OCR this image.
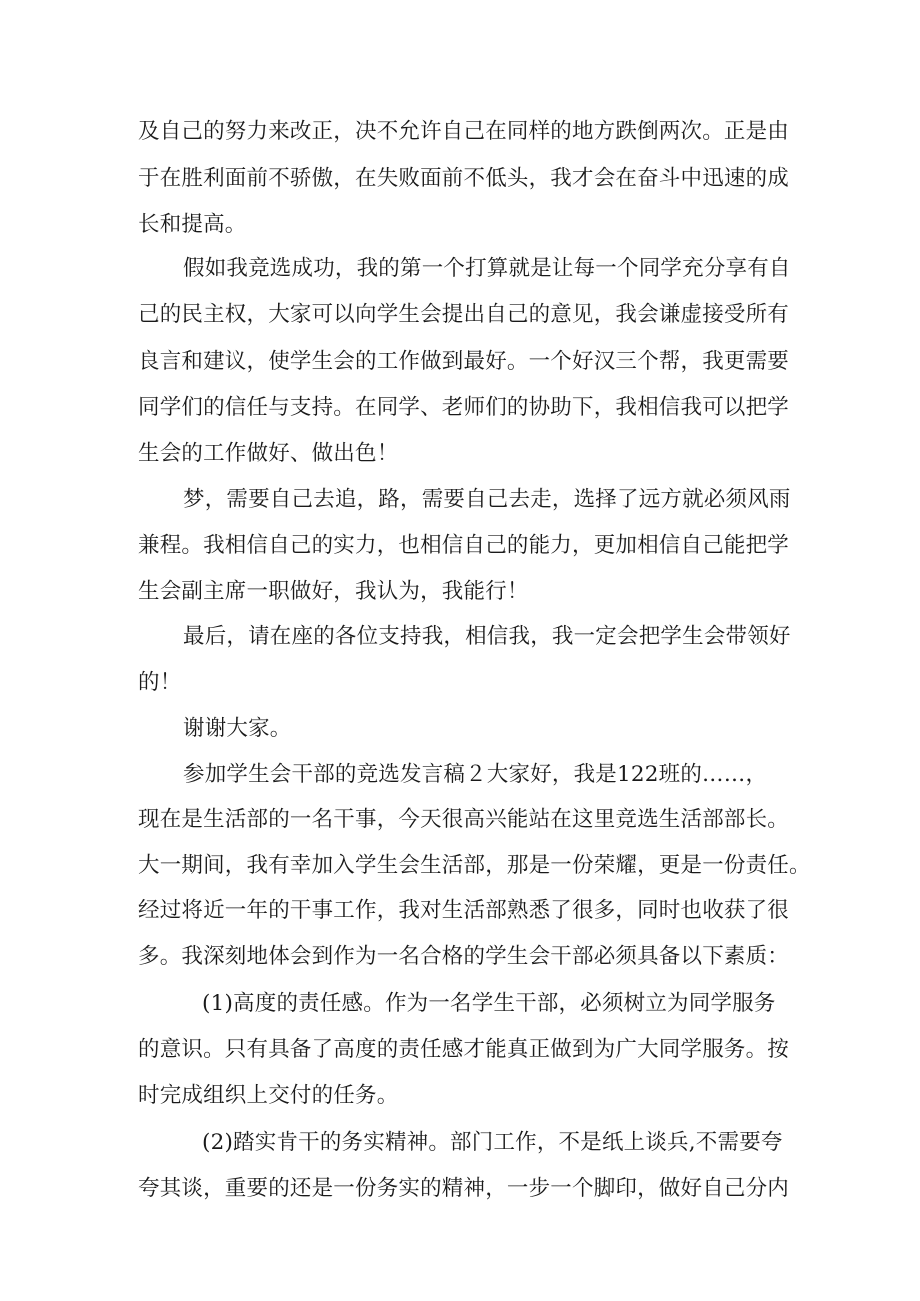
及自己的努力来改正，决不允许自己在同样的地方跌倒两次。正是由
于在胜利面前不骄傲，在失败面前不低头，我才会在奋斗中迅速的成
长和提高。
假如我竞选成功，我的第一个打算就是让每一个同学充分享有自
己的民主权，大家可以向学生会提出自己的意见，我会谦虚接受所有
良言和建议，使学生会的工作做到最好。一个好汉三个帮，我更需要
同学们的信任与支持。在同学、老师们的协助下，我相信我可以把学
生会的工作做好、做出色！
梦，需要自己去追，路，需要自己去走，选择了远方就必须风雨
兼程。我相信自己的实力，也相信自己的能力，更加相信自己能把学
生会副主席一职做好，我认为，我能行！
最后，请在座的各位支持我，相信我，我一定会把学生会带领好
的！
谢谢大家。
参加学生会干部的竞选发言稿２大家好，我是122班的……，
现在是生活部的一名干事，今天很高兴能站在这里竞选生活部部长。
大一期间，我有幸加入学生会生活部，那是一份荣耀，更是一份责任。
经过将近一年的干事工作，我对生活部熟悉了很多，同时也收获了很
多。我深刻地体会到作为一名合格的学生会干部必须具备以下素质：
(1)高度的责任感。作为一名学生干部，必须树立为同学服务
的意识。只有具备了高度的责任感才能真正做到为广大同学服务。按
时完成组织上交付的任务。
(2)踏实肯干的务实精神。部门工作，不是纸上谈兵,不需要夸
夸其谈，重要的还是一份务实的精神，一步一个脚印，做好自己分内
